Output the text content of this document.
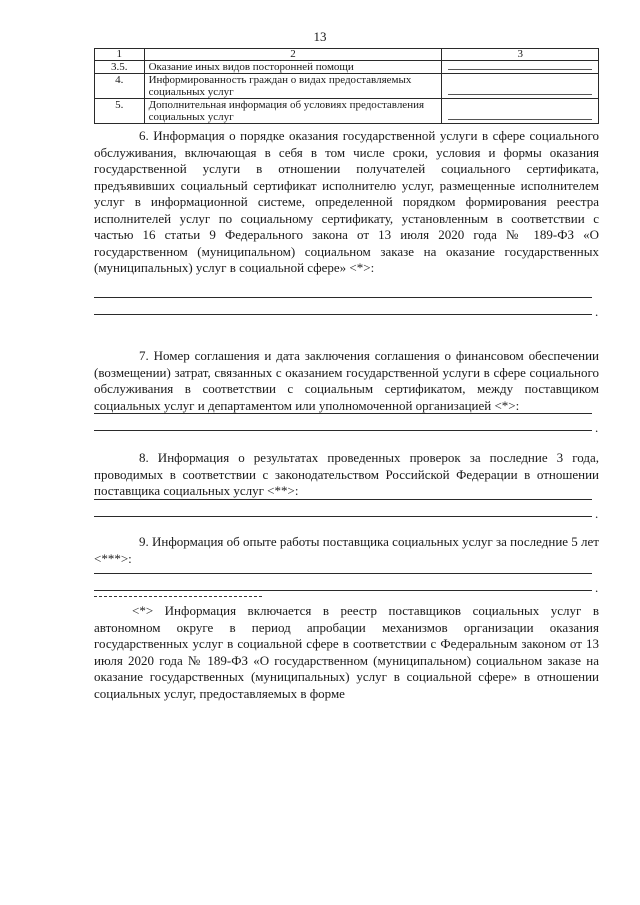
13
1	2	3
3.5.	Оказание иных видов посторонней помощи	

4.	Информированность граждан о видах предоставляемых социальных услуг	

5.	Дополнительная информация об условиях предоставления социальных услуг	

6. Информация о порядке оказания государственной услуги в сфере социального обслуживания, включающая в себя в том числе сроки, условия и формы оказания государственной услуги в отношении получателей социального сертификата, предъявивших социальный сертификат исполнителю услуг, размещенные исполнителем услуг в информационной системе, определенной порядком формирования реестра исполнителей услуг по социальному сертификату, установленным в соответствии с частью 16 статьи 9 Федерального закона от 13 июля 2020 года № 189-ФЗ «О государственном (муниципальном) социальном заказе на оказание государственных (муниципальных) услуг в социальной сфере» <*>:

.

7. Номер соглашения и дата заключения соглашения о финансовом обеспечении (возмещении) затрат, связанных с оказанием государственной услуги в сфере социального обслуживания в соответствии с социальным сертификатом, между поставщиком социальных услуг и департаментом или уполномоченной организацией <*>:

.

8. Информация о результатах проведенных проверок за последние 3 года, проводимых в соответствии с законодательством Российской Федерации в отношении поставщика социальных услуг <**>:

.

9. Информация об опыте работы поставщика социальных услуг за последние 5 лет <***>:

.

<*> Информация включается в реестр поставщиков социальных услуг в автономном округе в период апробации механизмов организации оказания государственных услуг в социальной сфере в соответствии с Федеральным законом от 13 июля 2020 года № 189-ФЗ «О государственном (муниципальном) социальном заказе на оказание государственных (муниципальных) услуг в социальной сфере» в отношении социальных услуг, предоставляемых в форме
